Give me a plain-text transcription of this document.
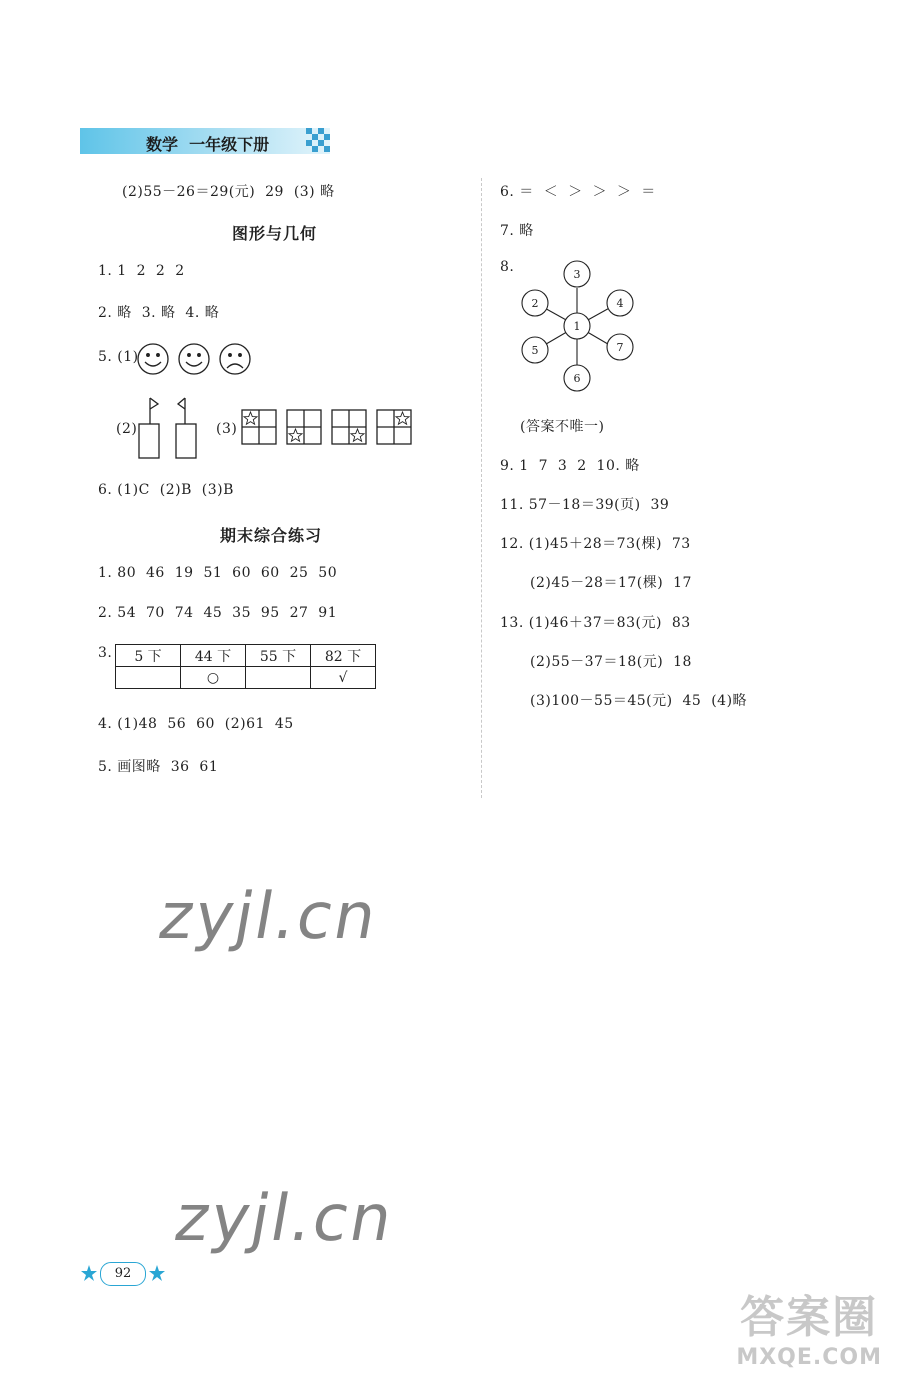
数学  一年级下册
(2)55－26＝29(元)  29  (3) 略
图形与几何
1. 1  2  2  2
2. 略  3. 略  4. 略
5. (1)
(2)	(3)
6. (1)C  (2)B  (3)B
期末综合练习
1. 80  46  19  51  60  60  25  50
2. 54  70  74  45  35  95  27  91
3. 5 下	44 下	55 下	82 下
	○		√
4. (1)48  56  60  (2)61  45
5. 画图略  36  61
6. ＝  ＜  ＞  ＞  ＞  ＝
7. 略
8.
1
3
2	4
5	7
6
(答案不唯一)
9. 1  7  3  2  10. 略
11. 57－18＝39(页)  39
12. (1)45＋28＝73(棵)  73
(2)45－28＝17(棵)  17
13. (1)46＋37＝83(元)  83
(2)55－37＝18(元)  18
(3)100－55＝45(元)  45  (4)略
zyjl.cn
zyjl.cn
92
答案圈
MXQE.COM
